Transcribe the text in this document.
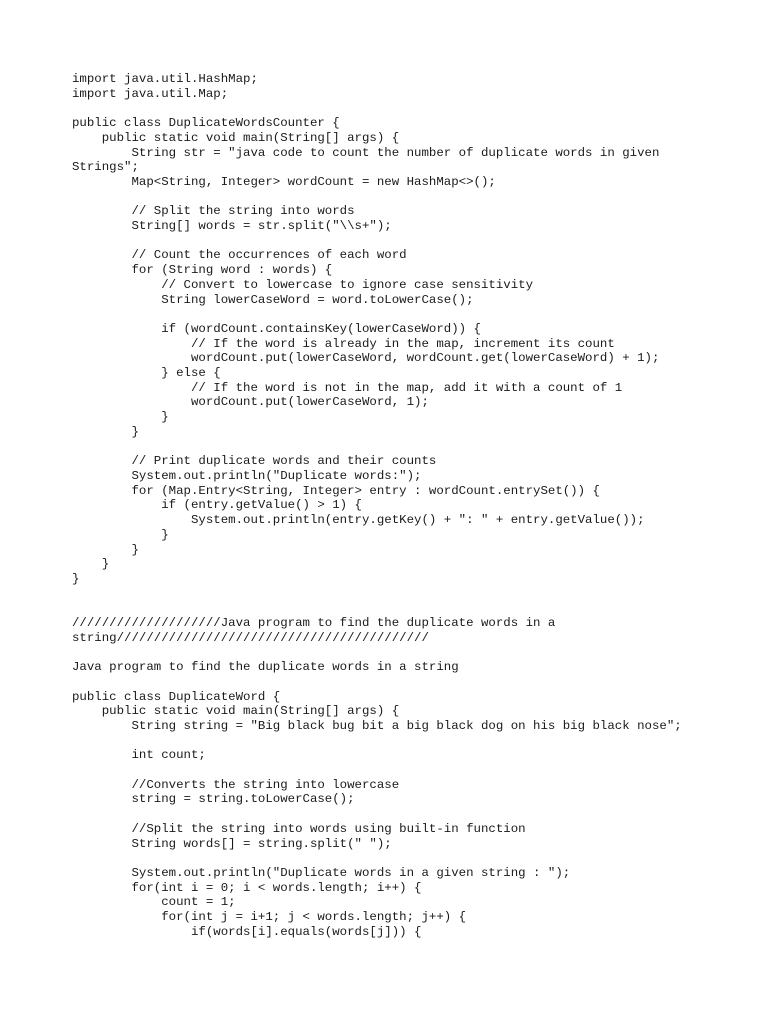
import java.util.HashMap;
import java.util.Map;

public class DuplicateWordsCounter {
public static void main(String[] args) {
String str = "java code to count the number of duplicate words in given
Strings";
Map<String, Integer> wordCount = new HashMap<>();

// Split the string into words
String[] words = str.split("\\s+");

// Count the occurrences of each word
for (String word : words) {
// Convert to lowercase to ignore case sensitivity
String lowerCaseWord = word.toLowerCase();

if (wordCount.containsKey(lowerCaseWord)) {
// If the word is already in the map, increment its count
wordCount.put(lowerCaseWord, wordCount.get(lowerCaseWord) + 1);
} else {
// If the word is not in the map, add it with a count of 1
wordCount.put(lowerCaseWord, 1);
}
}

// Print duplicate words and their counts
System.out.println("Duplicate words:");
for (Map.Entry<String, Integer> entry : wordCount.entrySet()) {
if (entry.getValue() > 1) {
System.out.println(entry.getKey() + ": " + entry.getValue());
}
}
}
}

////////////////////Java program to find the duplicate words in a
string//////////////////////////////////////////

Java program to find the duplicate words in a string

public class DuplicateWord {
public static void main(String[] args) {
String string = "Big black bug bit a big black dog on his big black nose";

int count;

//Converts the string into lowercase
string = string.toLowerCase();

//Split the string into words using built-in function
String words[] = string.split(" ");

System.out.println("Duplicate words in a given string : ");
for(int i = 0; i < words.length; i++) {
count = 1;
for(int j = i+1; j < words.length; j++) {
if(words[i].equals(words[j])) {
